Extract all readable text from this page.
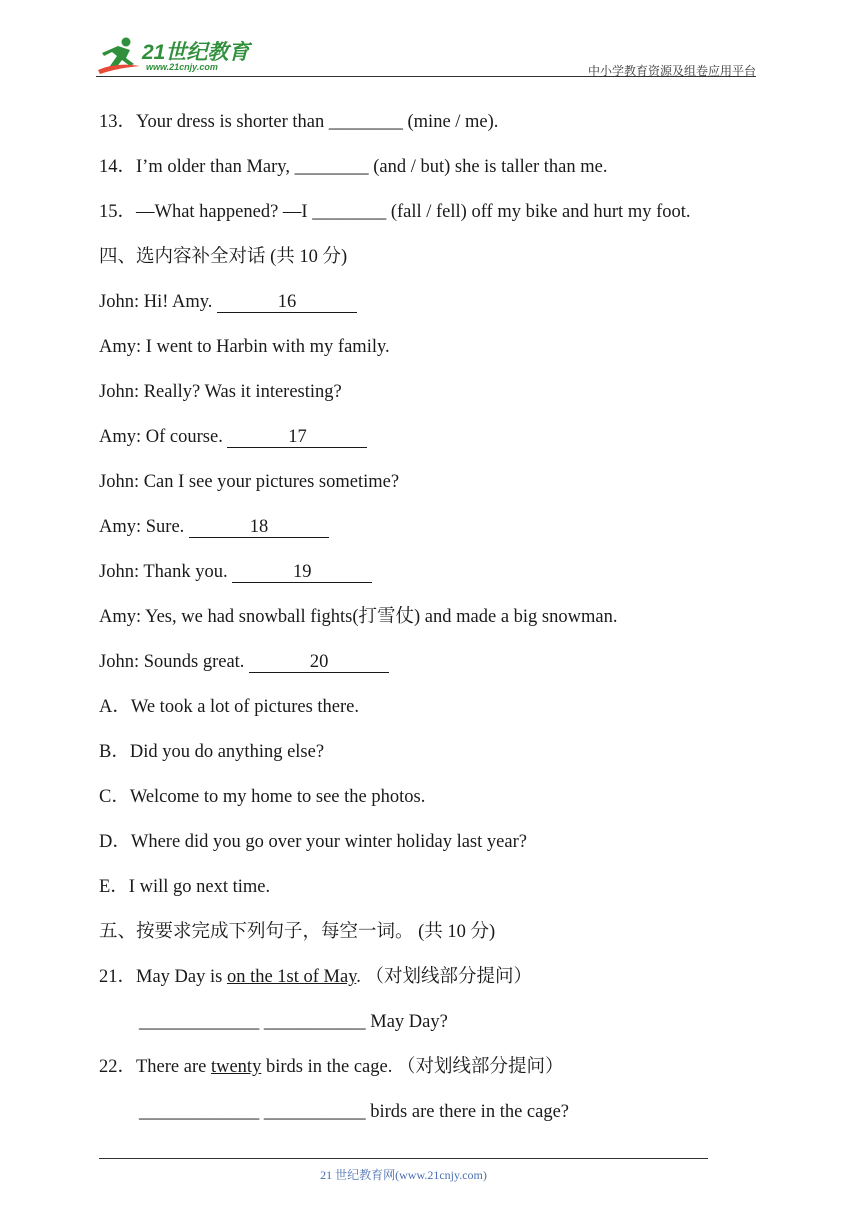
21世纪教育
www.21cnjy.com	中小学教育资源及组卷应用平台
13．Your dress is shorter than ________ (mine / me).
14．I’m older than Mary, ________ (and / but) she is taller than me.
15．—What happened? —I ________ (fall / fell) off my bike and hurt my foot.
四、选内容补全对话 (共 10 分)
John: Hi! Amy.	16
Amy: I went to Harbin with my family.
John: Really? Was it interesting?
Amy: Of course.	17
John: Can I see your pictures sometime?
Amy: Sure.	18
John: Thank you.	19
Amy: Yes, we had snowball fights(打雪仗) and made a big snowman.
John: Sounds great.	20
A．We took a lot of pictures there.
B．Did you do anything else?
C．Welcome to my home to see the photos.
D．Where did you go over your winter holiday last year?
E．I will go next time.
五、按要求完成下列句子，每空一词。 (共 10 分)
21．May Day is on the 1st of May. （对划线部分提问）
_____________ ___________ May Day?
22．There are twenty birds in the cage. （对划线部分提问）
_____________ ___________ birds are there in the cage?
21 世纪教育网(www.21cnjy.com)
